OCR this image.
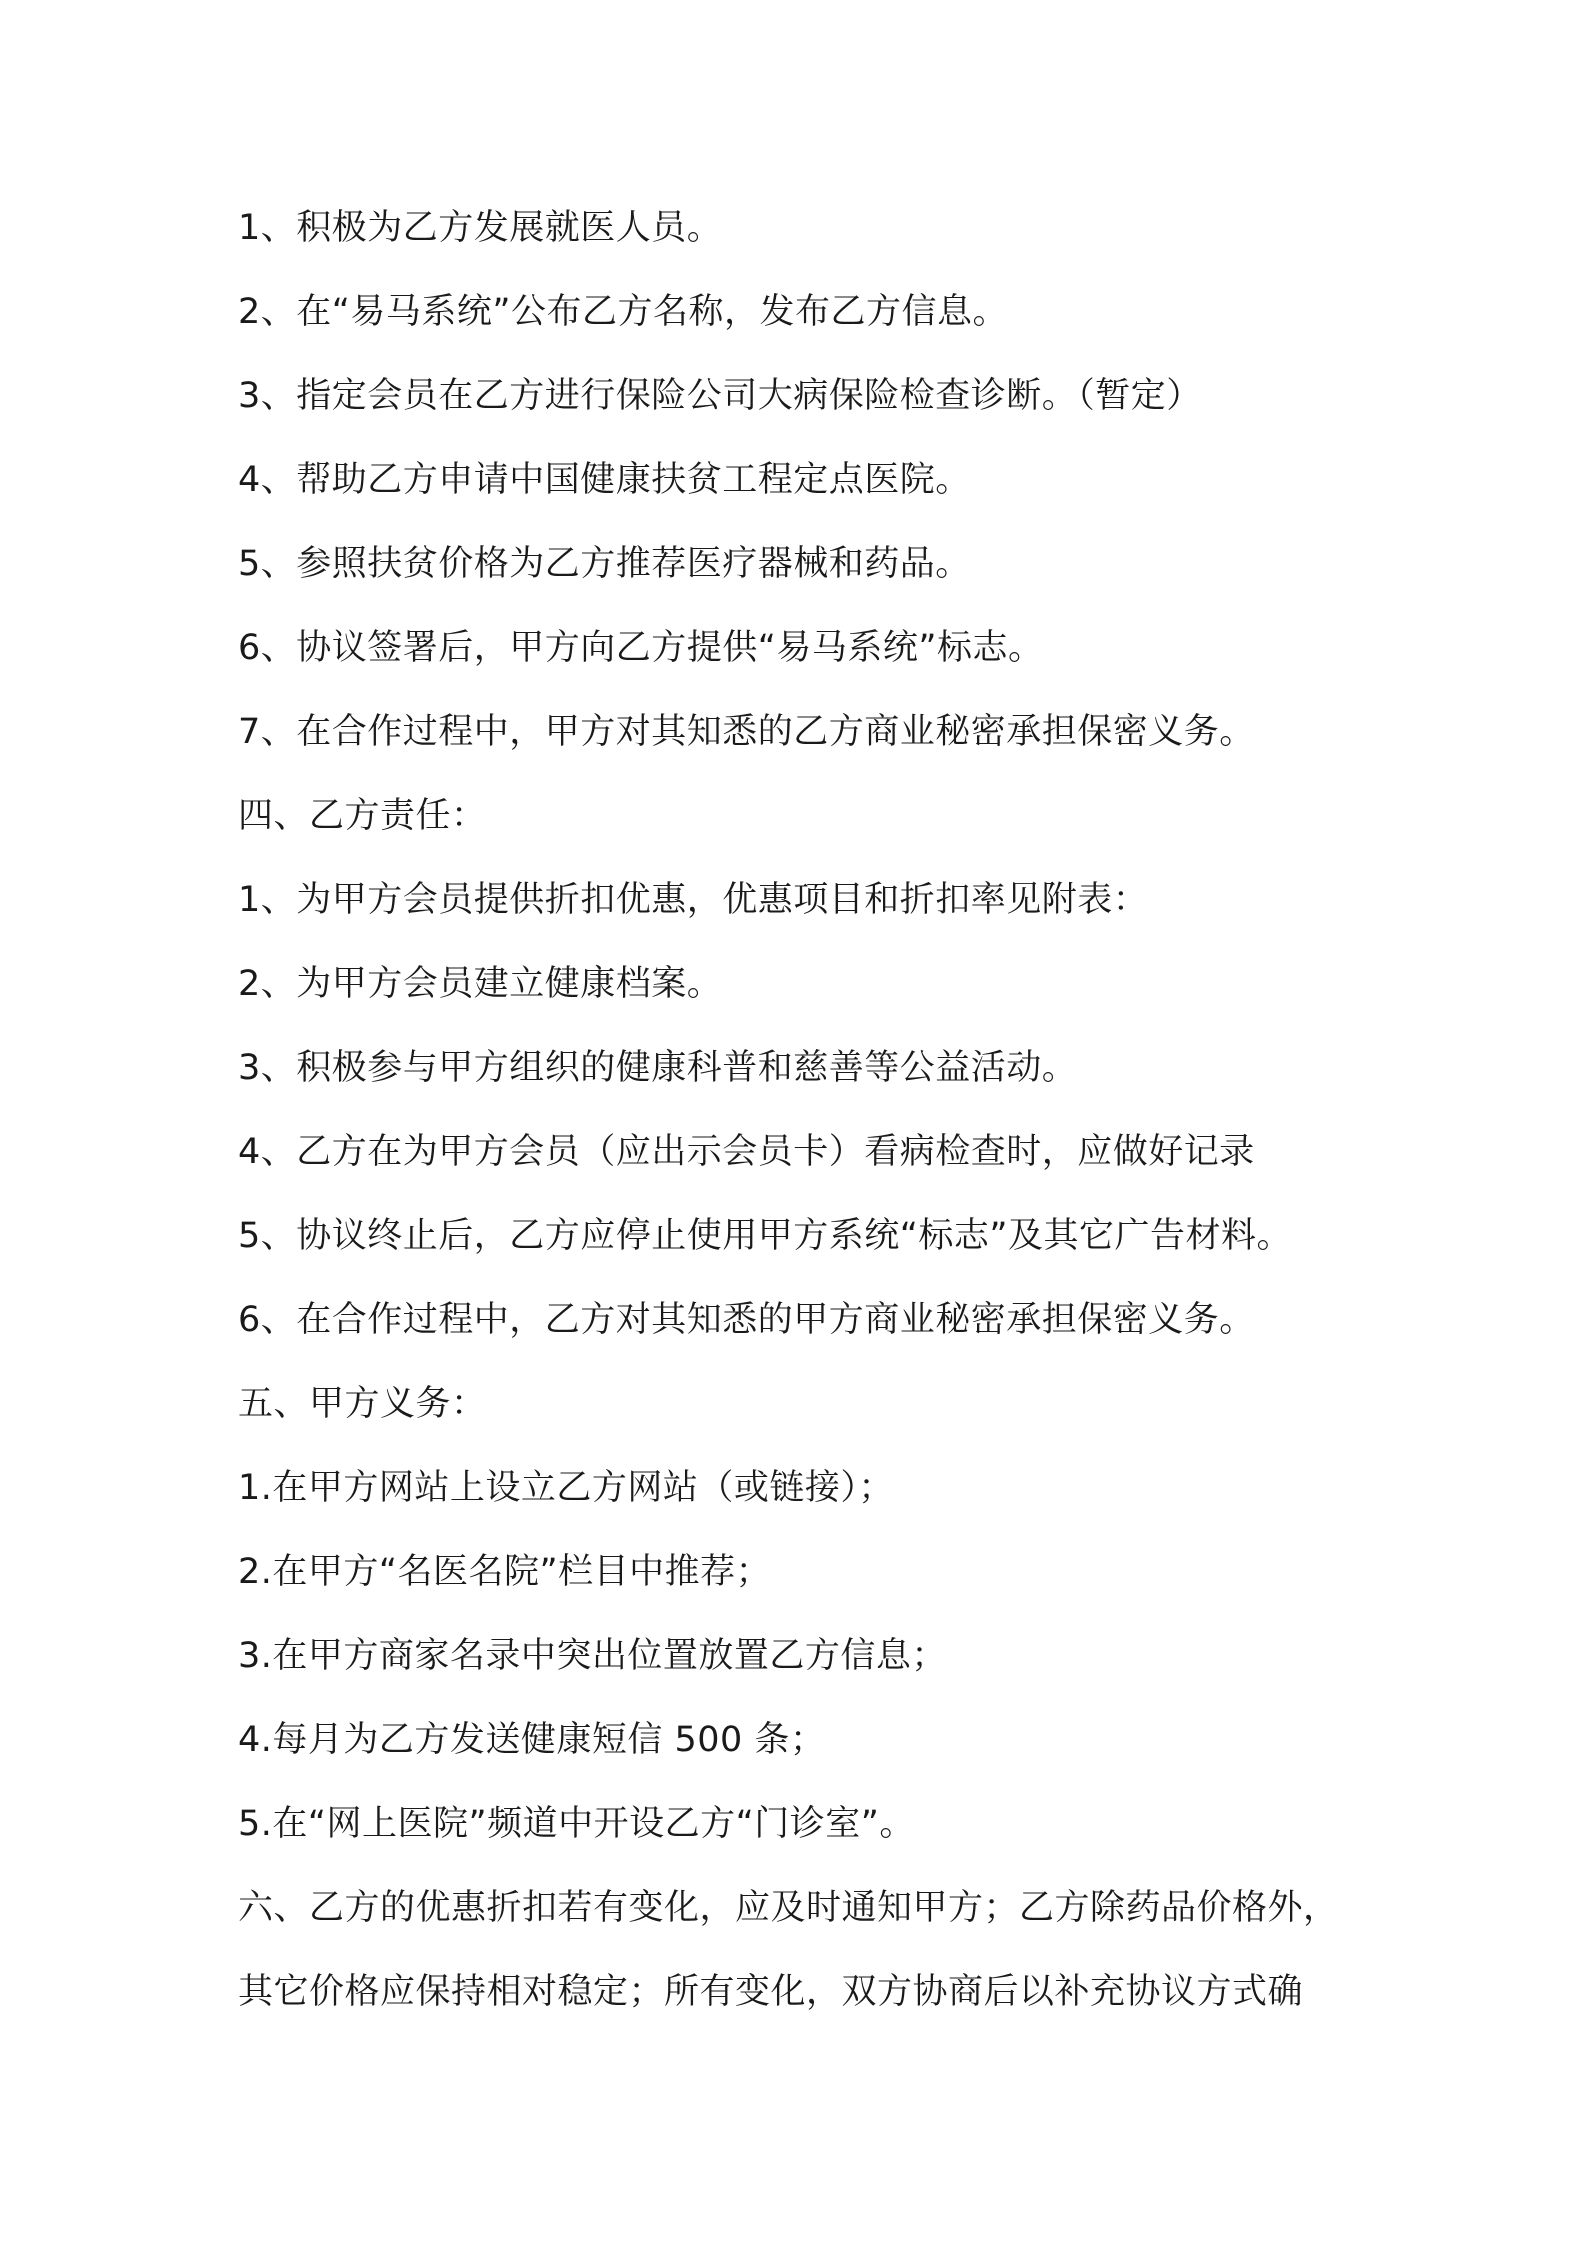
1、积极为乙方发展就医人员。
2、在“易马系统”公布乙方名称，发布乙方信息。
3、指定会员在乙方进行保险公司大病保险检查诊断。（暂定）
4、帮助乙方申请中国健康扶贫工程定点医院。
5、参照扶贫价格为乙方推荐医疗器械和药品。
6、协议签署后，甲方向乙方提供“易马系统”标志。
7、在合作过程中，甲方对其知悉的乙方商业秘密承担保密义务。
四、乙方责任：
1、为甲方会员提供折扣优惠，优惠项目和折扣率见附表：
2、为甲方会员建立健康档案。
3、积极参与甲方组织的健康科普和慈善等公益活动。
4、乙方在为甲方会员（应出示会员卡）看病检查时，应做好记录
5、协议终止后，乙方应停止使用甲方系统“标志”及其它广告材料。
6、在合作过程中，乙方对其知悉的甲方商业秘密承担保密义务。
五、甲方义务：
1.在甲方网站上设立乙方网站（或链接）；
2.在甲方“名医名院”栏目中推荐；
3.在甲方商家名录中突出位置放置乙方信息；
4.每月为乙方发送健康短信 500 条；
5.在“网上医院”频道中开设乙方“门诊室”。
六、乙方的优惠折扣若有变化，应及时通知甲方；乙方除药品价格外，
其它价格应保持相对稳定；所有变化，双方协商后以补充协议方式确
